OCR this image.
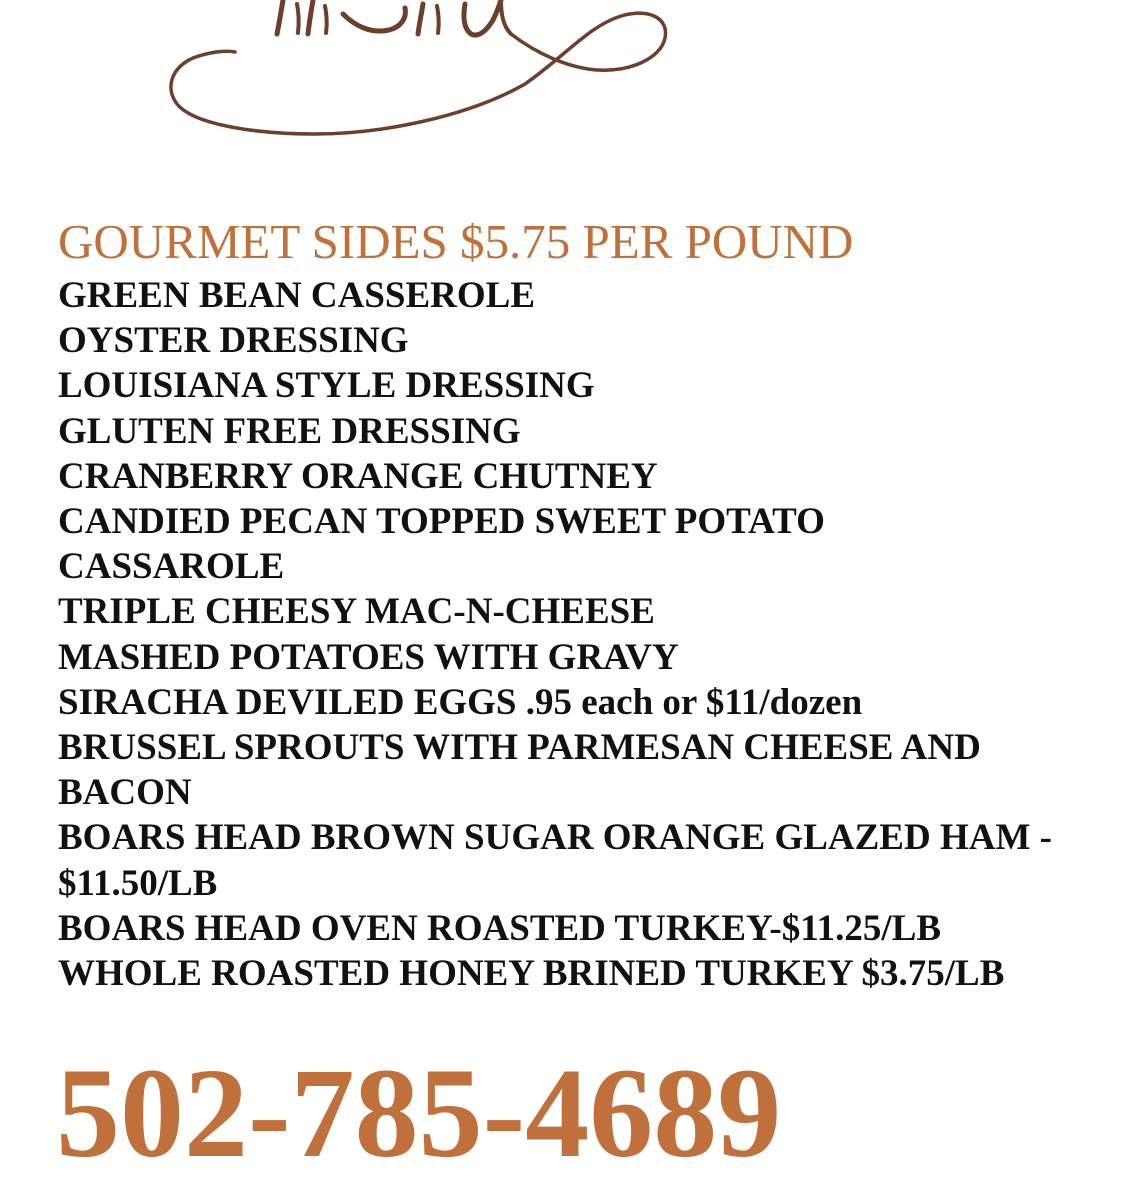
GOURMET SIDES $5.75 PER POUND
GREEN BEAN CASSEROLE
OYSTER DRESSING
LOUISIANA STYLE DRESSING
GLUTEN FREE DRESSING
CRANBERRY ORANGE CHUTNEY
CANDIED PECAN TOPPED SWEET POTATO
CASSAROLE
TRIPLE CHEESY MAC-N-CHEESE
MASHED POTATOES WITH GRAVY
SIRACHA DEVILED EGGS .95 each or $11/dozen
BRUSSEL SPROUTS WITH PARMESAN CHEESE AND
BACON
BOARS HEAD BROWN SUGAR ORANGE GLAZED HAM -
$11.50/LB
BOARS HEAD OVEN ROASTED TURKEY-$11.25/LB
WHOLE ROASTED HONEY BRINED TURKEY $3.75/LB
502-785-4689
